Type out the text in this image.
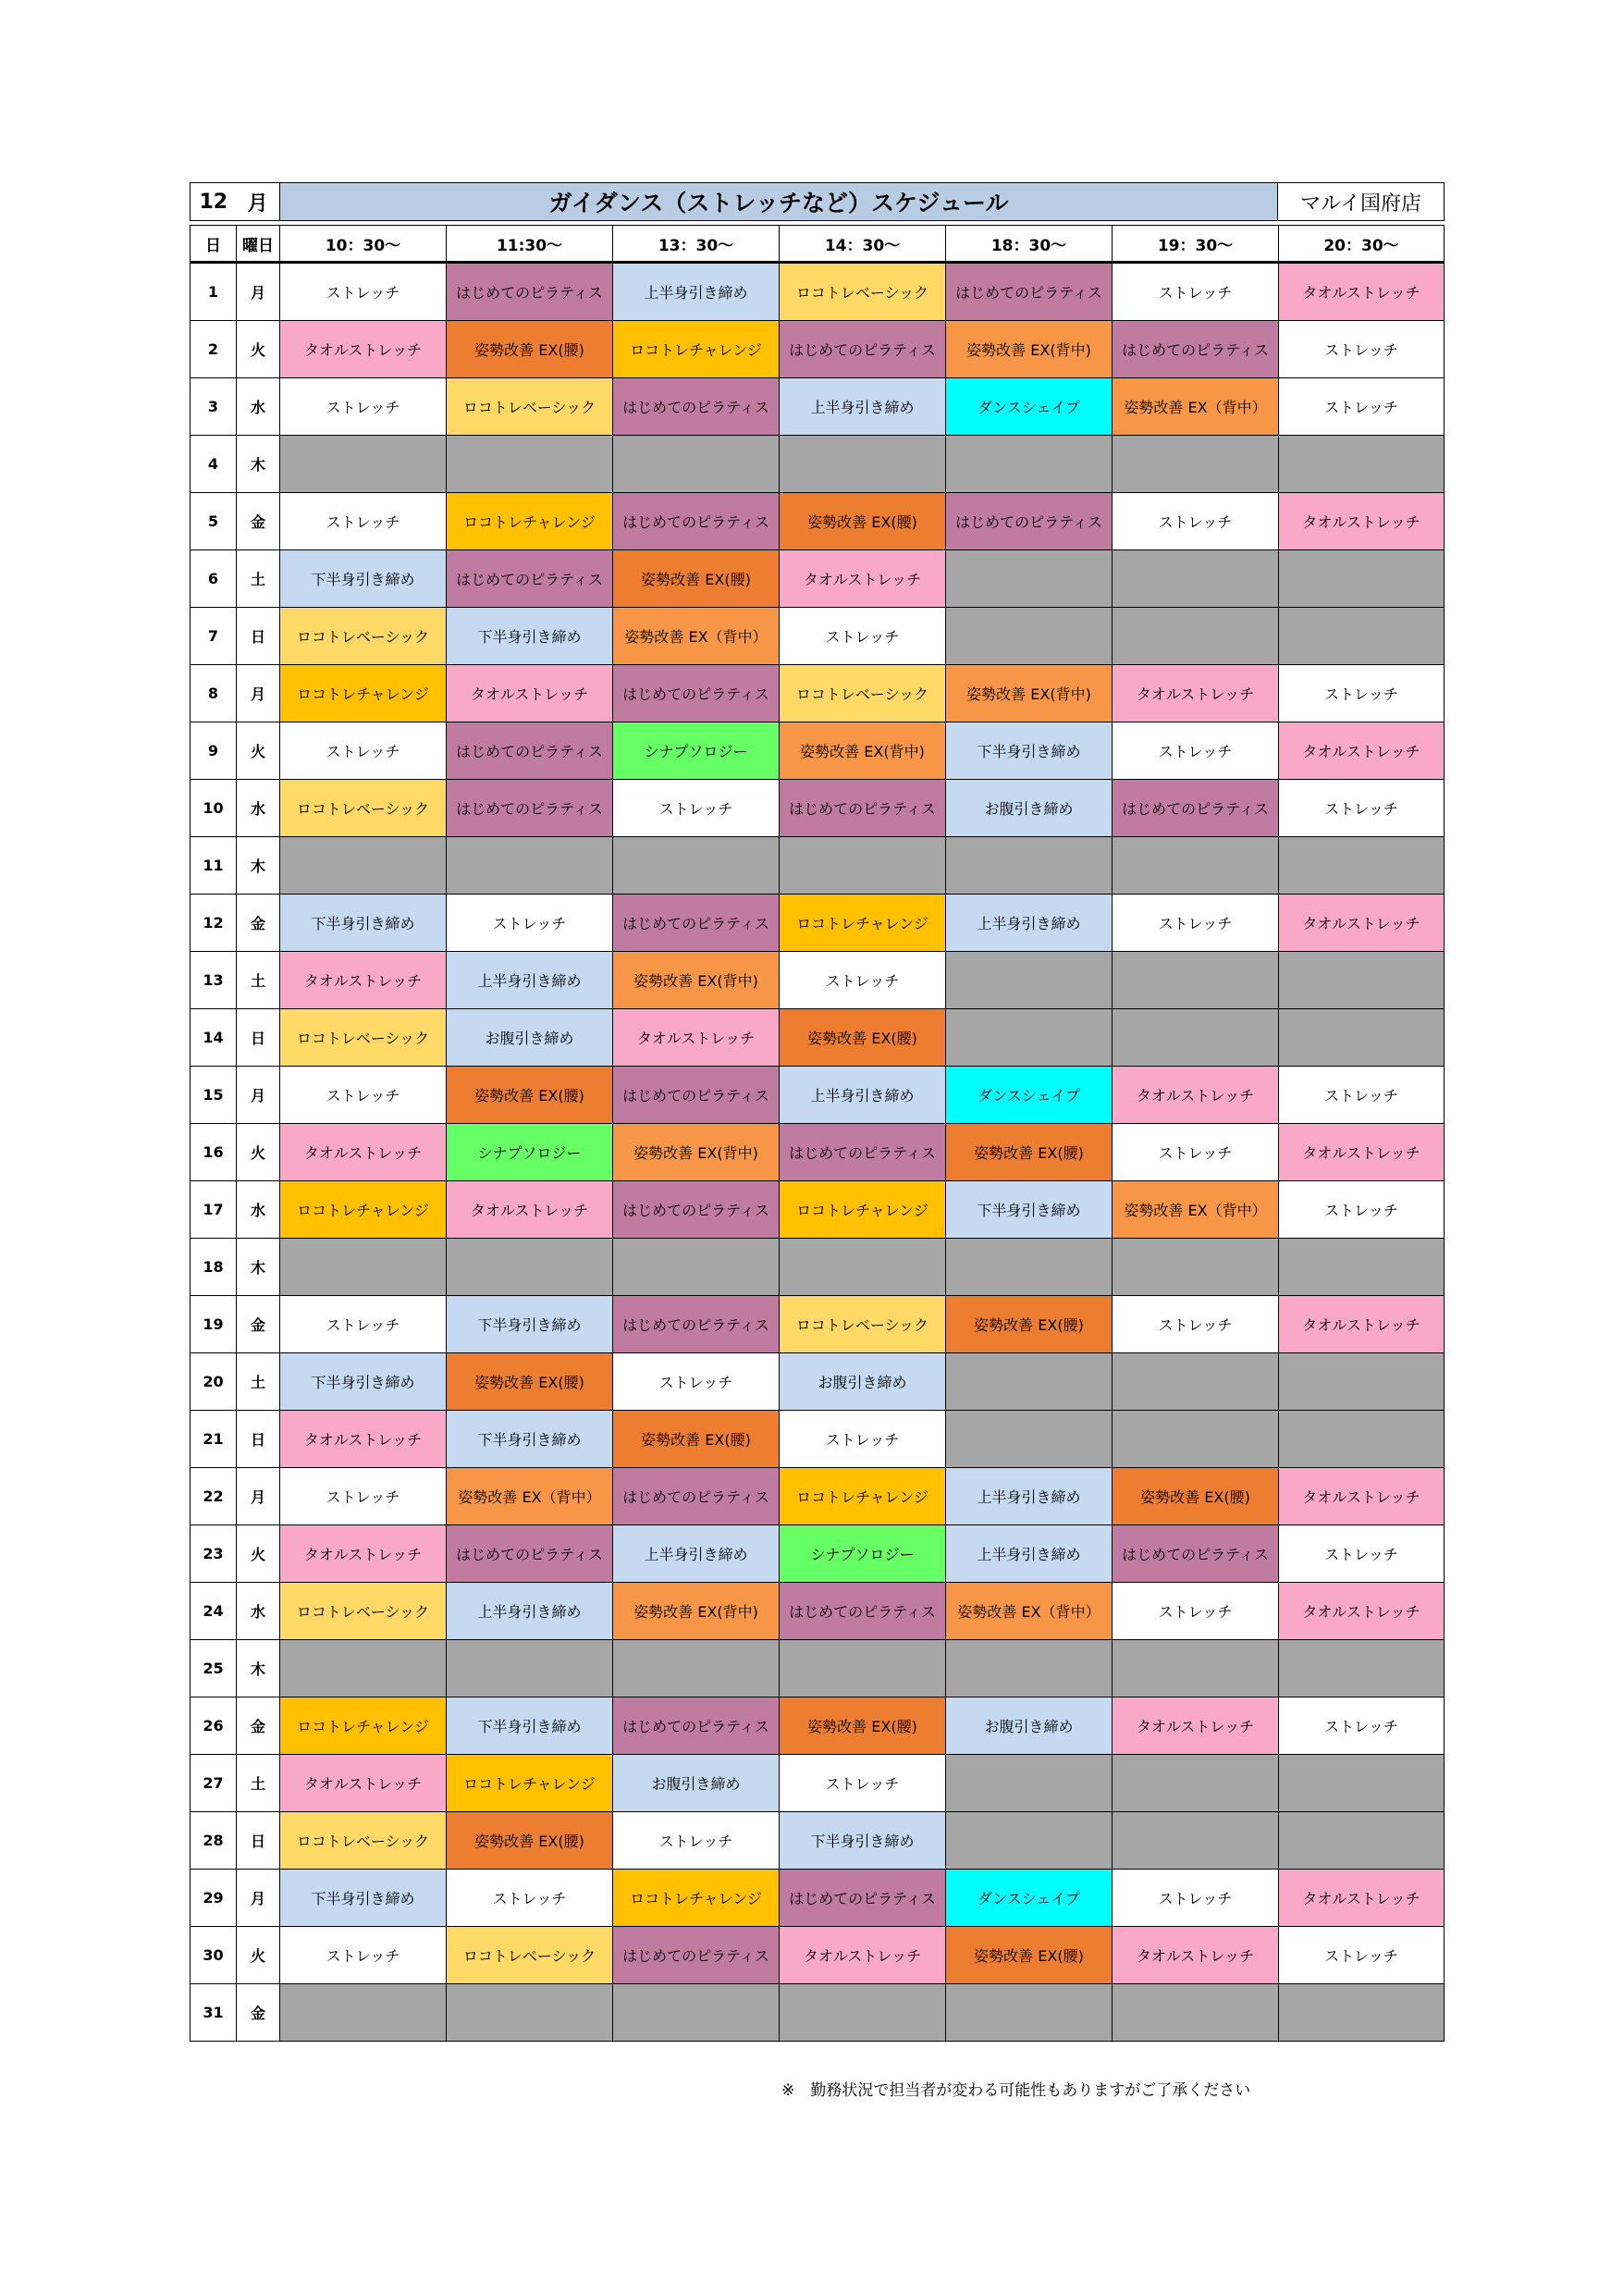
12	月	ガイダンス（ストレッチなど）スケジュール	マルイ国府店
日	曜日	10：30～	11:30～	13：30～	14：30～	18：30～	19：30～	20：30～
1	月	ストレッチ	はじめてのピラティス	上半身引き締め	ロコトレベーシック	はじめてのピラティス	ストレッチ	タオルストレッチ
2	火	タオルストレッチ	姿勢改善 EX(腰)	ロコトレチャレンジ	はじめてのピラティス	姿勢改善 EX(背中)	はじめてのピラティス	ストレッチ
3	水	ストレッチ	ロコトレベーシック	はじめてのピラティス	上半身引き締め	ダンスシェイプ	姿勢改善 EX（背中）	ストレッチ
4	木							
5	金	ストレッチ	ロコトレチャレンジ	はじめてのピラティス	姿勢改善 EX(腰)	はじめてのピラティス	ストレッチ	タオルストレッチ
6	土	下半身引き締め	はじめてのピラティス	姿勢改善 EX(腰)	タオルストレッチ			
7	日	ロコトレベーシック	下半身引き締め	姿勢改善 EX（背中）	ストレッチ			
8	月	ロコトレチャレンジ	タオルストレッチ	はじめてのピラティス	ロコトレベーシック	姿勢改善 EX(背中)	タオルストレッチ	ストレッチ
9	火	ストレッチ	はじめてのピラティス	シナプソロジー	姿勢改善 EX(背中)	下半身引き締め	ストレッチ	タオルストレッチ
10	水	ロコトレベーシック	はじめてのピラティス	ストレッチ	はじめてのピラティス	お腹引き締め	はじめてのピラティス	ストレッチ
11	木							
12	金	下半身引き締め	ストレッチ	はじめてのピラティス	ロコトレチャレンジ	上半身引き締め	ストレッチ	タオルストレッチ
13	土	タオルストレッチ	上半身引き締め	姿勢改善 EX(背中)	ストレッチ			
14	日	ロコトレベーシック	お腹引き締め	タオルストレッチ	姿勢改善 EX(腰)			
15	月	ストレッチ	姿勢改善 EX(腰)	はじめてのピラティス	上半身引き締め	ダンスシェイプ	タオルストレッチ	ストレッチ
16	火	タオルストレッチ	シナプソロジー	姿勢改善 EX(背中)	はじめてのピラティス	姿勢改善 EX(腰)	ストレッチ	タオルストレッチ
17	水	ロコトレチャレンジ	タオルストレッチ	はじめてのピラティス	ロコトレチャレンジ	下半身引き締め	姿勢改善 EX（背中）	ストレッチ
18	木							
19	金	ストレッチ	下半身引き締め	はじめてのピラティス	ロコトレベーシック	姿勢改善 EX(腰)	ストレッチ	タオルストレッチ
20	土	下半身引き締め	姿勢改善 EX(腰)	ストレッチ	お腹引き締め			
21	日	タオルストレッチ	下半身引き締め	姿勢改善 EX(腰)	ストレッチ			
22	月	ストレッチ	姿勢改善 EX（背中）	はじめてのピラティス	ロコトレチャレンジ	上半身引き締め	姿勢改善 EX(腰)	タオルストレッチ
23	火	タオルストレッチ	はじめてのピラティス	上半身引き締め	シナプソロジー	上半身引き締め	はじめてのピラティス	ストレッチ
24	水	ロコトレベーシック	上半身引き締め	姿勢改善 EX(背中)	はじめてのピラティス	姿勢改善 EX（背中）	ストレッチ	タオルストレッチ
25	木							
26	金	ロコトレチャレンジ	下半身引き締め	はじめてのピラティス	姿勢改善 EX(腰)	お腹引き締め	タオルストレッチ	ストレッチ
27	土	タオルストレッチ	ロコトレチャレンジ	お腹引き締め	ストレッチ			
28	日	ロコトレベーシック	姿勢改善 EX(腰)	ストレッチ	下半身引き締め			
29	月	下半身引き締め	ストレッチ	ロコトレチャレンジ	はじめてのピラティス	ダンスシェイプ	ストレッチ	タオルストレッチ
30	火	ストレッチ	ロコトレベーシック	はじめてのピラティス	タオルストレッチ	姿勢改善 EX(腰)	タオルストレッチ	ストレッチ
31	金							
※　勤務状況で担当者が変わる可能性もありますがご了承ください
